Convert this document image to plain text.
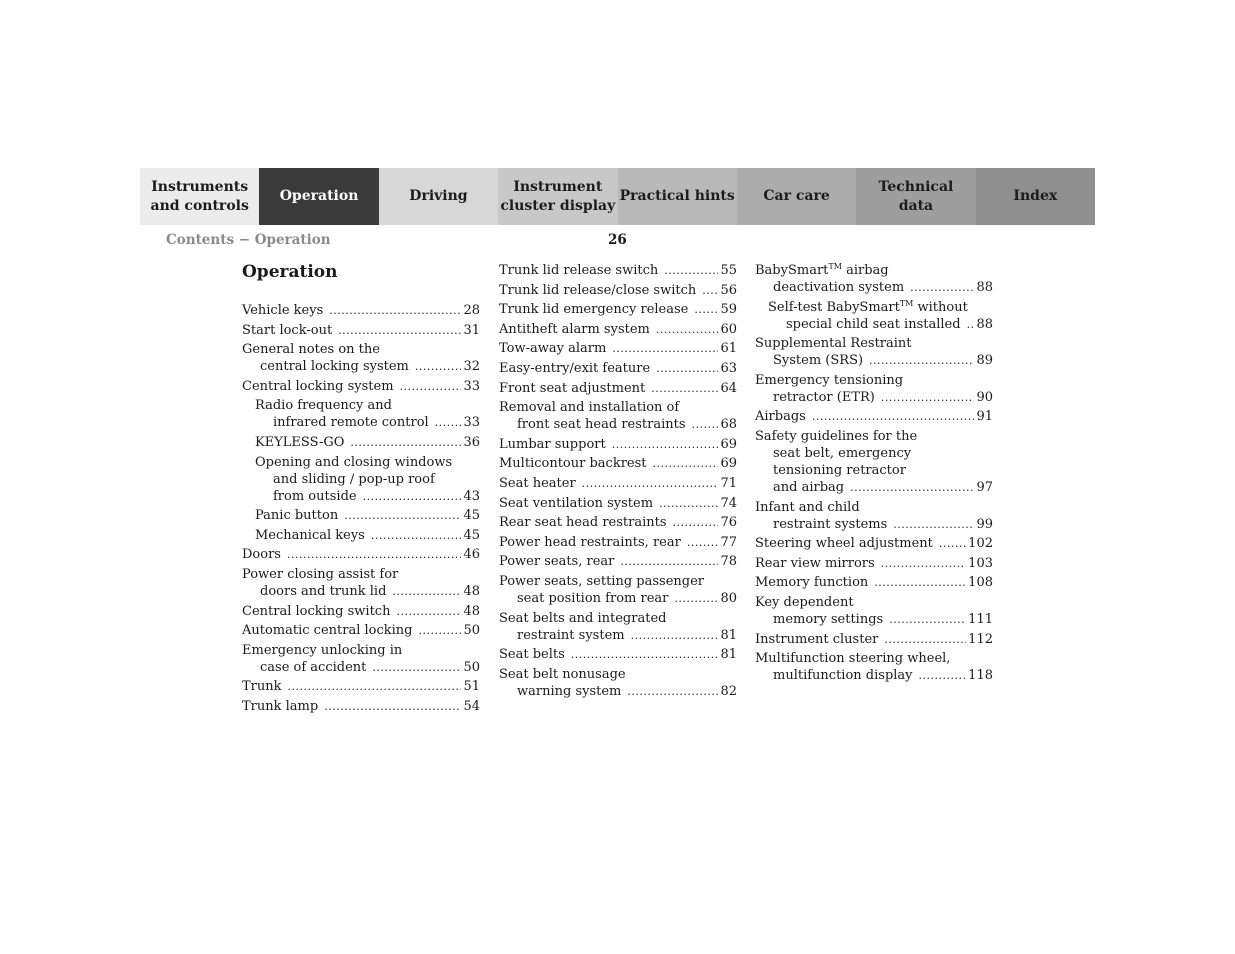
Instruments
and controls
Operation	Driving
Instrument
cluster display
Practical hints	Car care
Technical
data
Index
Contents − Operation	26
Operation
Vehicle keys .....	28
Start lock-out .....	31
General notes on the
central locking system .....	32
Central locking system .....	33
Radio frequency and
infrared remote control .....	33
KEYLESS-GO .....	36
Opening and closing windows
and sliding / pop-up roof
from outside .....	43
Panic button .....	45
Mechanical keys .....	45
Doors .....	46
Power closing assist for
doors and trunk lid .....	48
Central locking switch .....	48
Automatic central locking .....	50
Emergency unlocking in
case of accident .....	50
Trunk .....	51
Trunk lamp .....	54
Trunk lid release switch .....	55
Trunk lid release/close switch ..... 56
Trunk lid emergency release ..... 59
Antitheft alarm system .....	60
Tow-away alarm .....	61
Easy-entry/exit feature .....	63
Front seat adjustment .....	64
Removal and installation of
front seat head restraints .....	68
Lumbar support .....	69
Multicontour backrest .....	69
Seat heater .....	71
Seat ventilation system .....	74
Rear seat head restraints .....	76
Power head restraints, rear .....	77
Power seats, rear .....	78
Power seats, setting passenger
seat position from rear .....	80
Seat belts and integrated
restraint system .....	81
Seat belts .....	81
Seat belt nonusage
warning system .....	82
BabySmart™ airbag
deactivation system .....	88
Self-test BabySmart™ without
special child seat installed ..... 88
Supplemental Restraint
System (SRS) .....	89
Emergency tensioning
retractor (ETR) .....	90
Airbags .....	91
Safety guidelines for the
seat belt, emergency
tensioning retractor
and airbag .....	97
Infant and child
restraint systems .....	99
Steering wheel adjustment .....	102
Rear view mirrors .....	103
Memory function .....	108
Key dependent
memory settings .....	111
Instrument cluster .....	112
Multifunction steering wheel,
multifunction display .....	118
